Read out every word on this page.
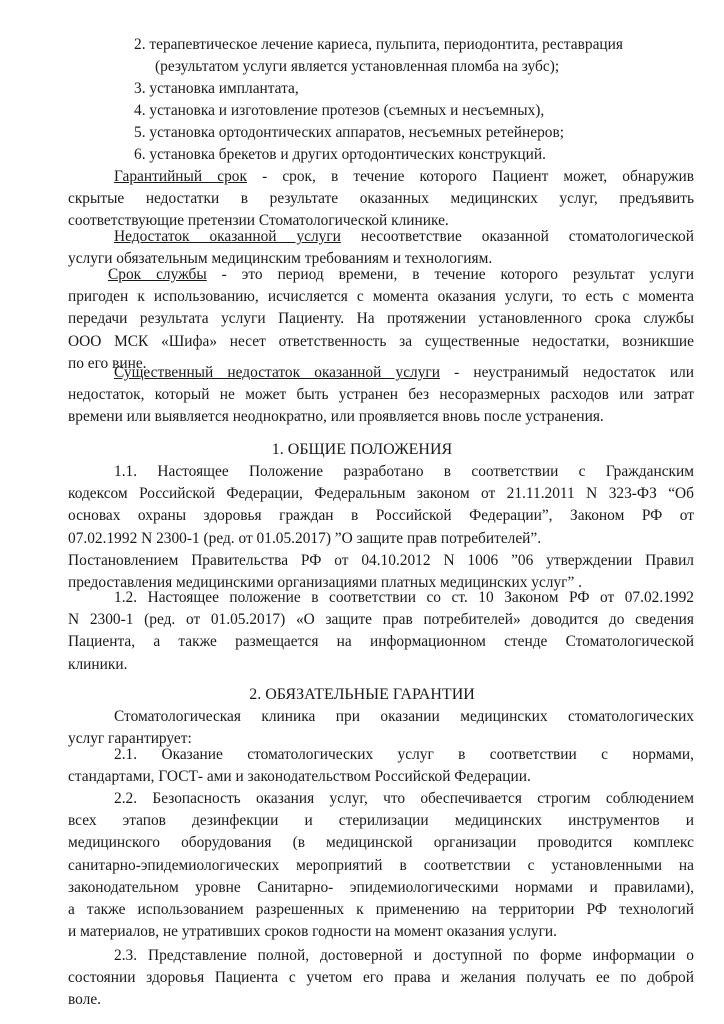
2. терапевтическое лечение кариеса, пульпита, периодонтита, реставрация
(результатом услуги является установленная пломба на зубс);
3. установка имплантата,
4. установка и изготовление протезов (съемных и несъемных),
5. установка ортодонтических аппаратов, несъемных ретейнеров;
6. установка брекетов и других ортодонтических конструкций.
Гарантийный срок - срок, в течение которого Пациент может, обнаружив
скрытые недостатки в результате оказанных медицинских услуг, предъявить
соответствующие претензии Стоматологической клинике.
Недостаток оказанной услуги несоответствие оказанной стоматологической
услуги обязательным медицинским требованиям и технологиям.
Срок службы - это период времени, в течение которого результат услуги
пригоден к использованию, исчисляется с момента оказания услуги, то есть с момента
передачи результата услуги Пациенту. На протяжении установленного срока службы
ООО МСК «Шифа» несет ответственность за существенные недостатки, возникшие
по его вине.
Существенный недостаток оказанной услуги - неустранимый недостаток или
недостаток, который не может быть устранен без несоразмерных расходов или затрат
времени или выявляется неоднократно, или проявляется вновь после устранения.
1. ОБЩИЕ ПОЛОЖЕНИЯ
1.1. Настоящее Положение разработано в соответствии с Гражданским
кодексом Российской Федерации, Федеральным законом от 21.11.2011 N 323-ФЗ “Об
основах охраны здоровья граждан в Российской Федерации”, Законом РФ от
07.02.1992 N 2300-1 (ред. от 01.05.2017) ”О защите прав потребителей”.
Постановлением Правительства РФ от 04.10.2012 N 1006 ”06 утверждении Правил
предоставления медицинскими организациями платных медицинских услуг” .
1.2. Настоящее положение в соответствии со ст. 10 Законом РФ от 07.02.1992
N 2300-1 (ред. от 01.05.2017) «О защите прав потребителей» доводится до сведения
Пациента, а также размещается на информационном стенде Стоматологической
клиники.
2. ОБЯЗАТЕЛЬНЫЕ ГАРАНТИИ
Стоматологическая клиника при оказании медицинских стоматологических
услуг гарантирует:
2.1. Оказание стоматологических услуг в соответствии с нормами,
стандартами, ГОСТ- ами и законодательством Российской Федерации.
2.2. Безопасность оказания услуг, что обеспечивается строгим соблюдением
всех этапов дезинфекции и стерилизации медицинских инструментов и
медицинского оборудования (в медицинской организации проводится комплекс
санитарно-эпидемиологических мероприятий в соответствии с установленными на
законодательном уровне Санитарно- эпидемиологическими нормами и правилами),
а также использованием разрешенных к применению на территории РФ технологий
и материалов, не утративших сроков годности на момент оказания услуги.
2.3. Представление полной, достоверной и доступной по форме информации о
состоянии здоровья Пациента с учетом его права и желания получать ее по доброй
воле.
